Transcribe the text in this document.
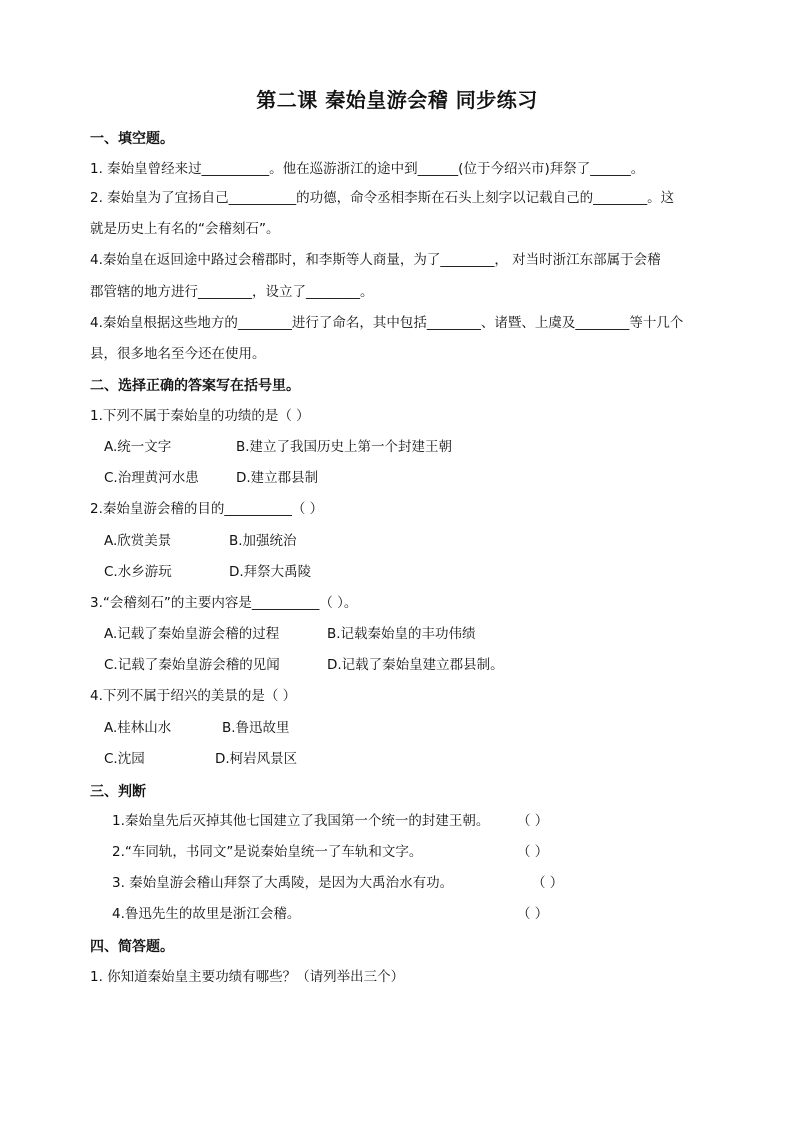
第二课 秦始皇游会稽 同步练习
一、填空题。
1. 秦始皇曾经来过__________。他在巡游浙江的途中到______(位于今绍兴市)拜祭了______。
2. 秦始皇为了宜扬自己__________的功德，命令丞相李斯在石头上刻字以记载自己的________。这
就是历史上有名的“会稽刻石”。
4.秦始皇在返回途中路过会稽郡时，和李斯等人商量，为了________， 对当时浙江东部属于会稽
郡管辖的地方进行________，设立了________。
4.秦始皇根据这些地方的________进行了命名，其中包括________、诸暨、上虞及________等十几个
县，很多地名至今还在使用。
二、选择正确的答案写在括号里。
1.下列不属于秦始皇的功绩的是（ ）
A.统一文字	B.建立了我国历史上第一个封建王朝
C.治理黄河水患	D.建立郡县制
2.秦始皇游会稽的目的__________（ ）
A.欣赏美景	B.加强统治
C.水乡游玩	D.拜祭大禹陵
3.“会稽刻石”的主要内容是__________（ ）。
A.记载了秦始皇游会稽的过程	B.记载秦始皇的丰功伟绩
C.记载了秦始皇游会稽的见闻	D.记载了秦始皇建立郡县制。
4.下列不属于绍兴的美景的是（ ）
A.桂林山水	B.鲁迅故里
C.沈园	D.柯岩风景区
三、判断
1.秦始皇先后灭掉其他七国建立了我国第一个统一的封建王朝。 （ ）
2.“车同轨，书同文”是说秦始皇统一了车轨和文字。	（ ）
3. 秦始皇游会稽山拜祭了大禹陵，是因为大禹治水有功。	（ ）
4.鲁迅先生的故里是浙江会稽。	（ ）
四、简答题。
1. 你知道秦始皇主要功绩有哪些？（请列举出三个）
